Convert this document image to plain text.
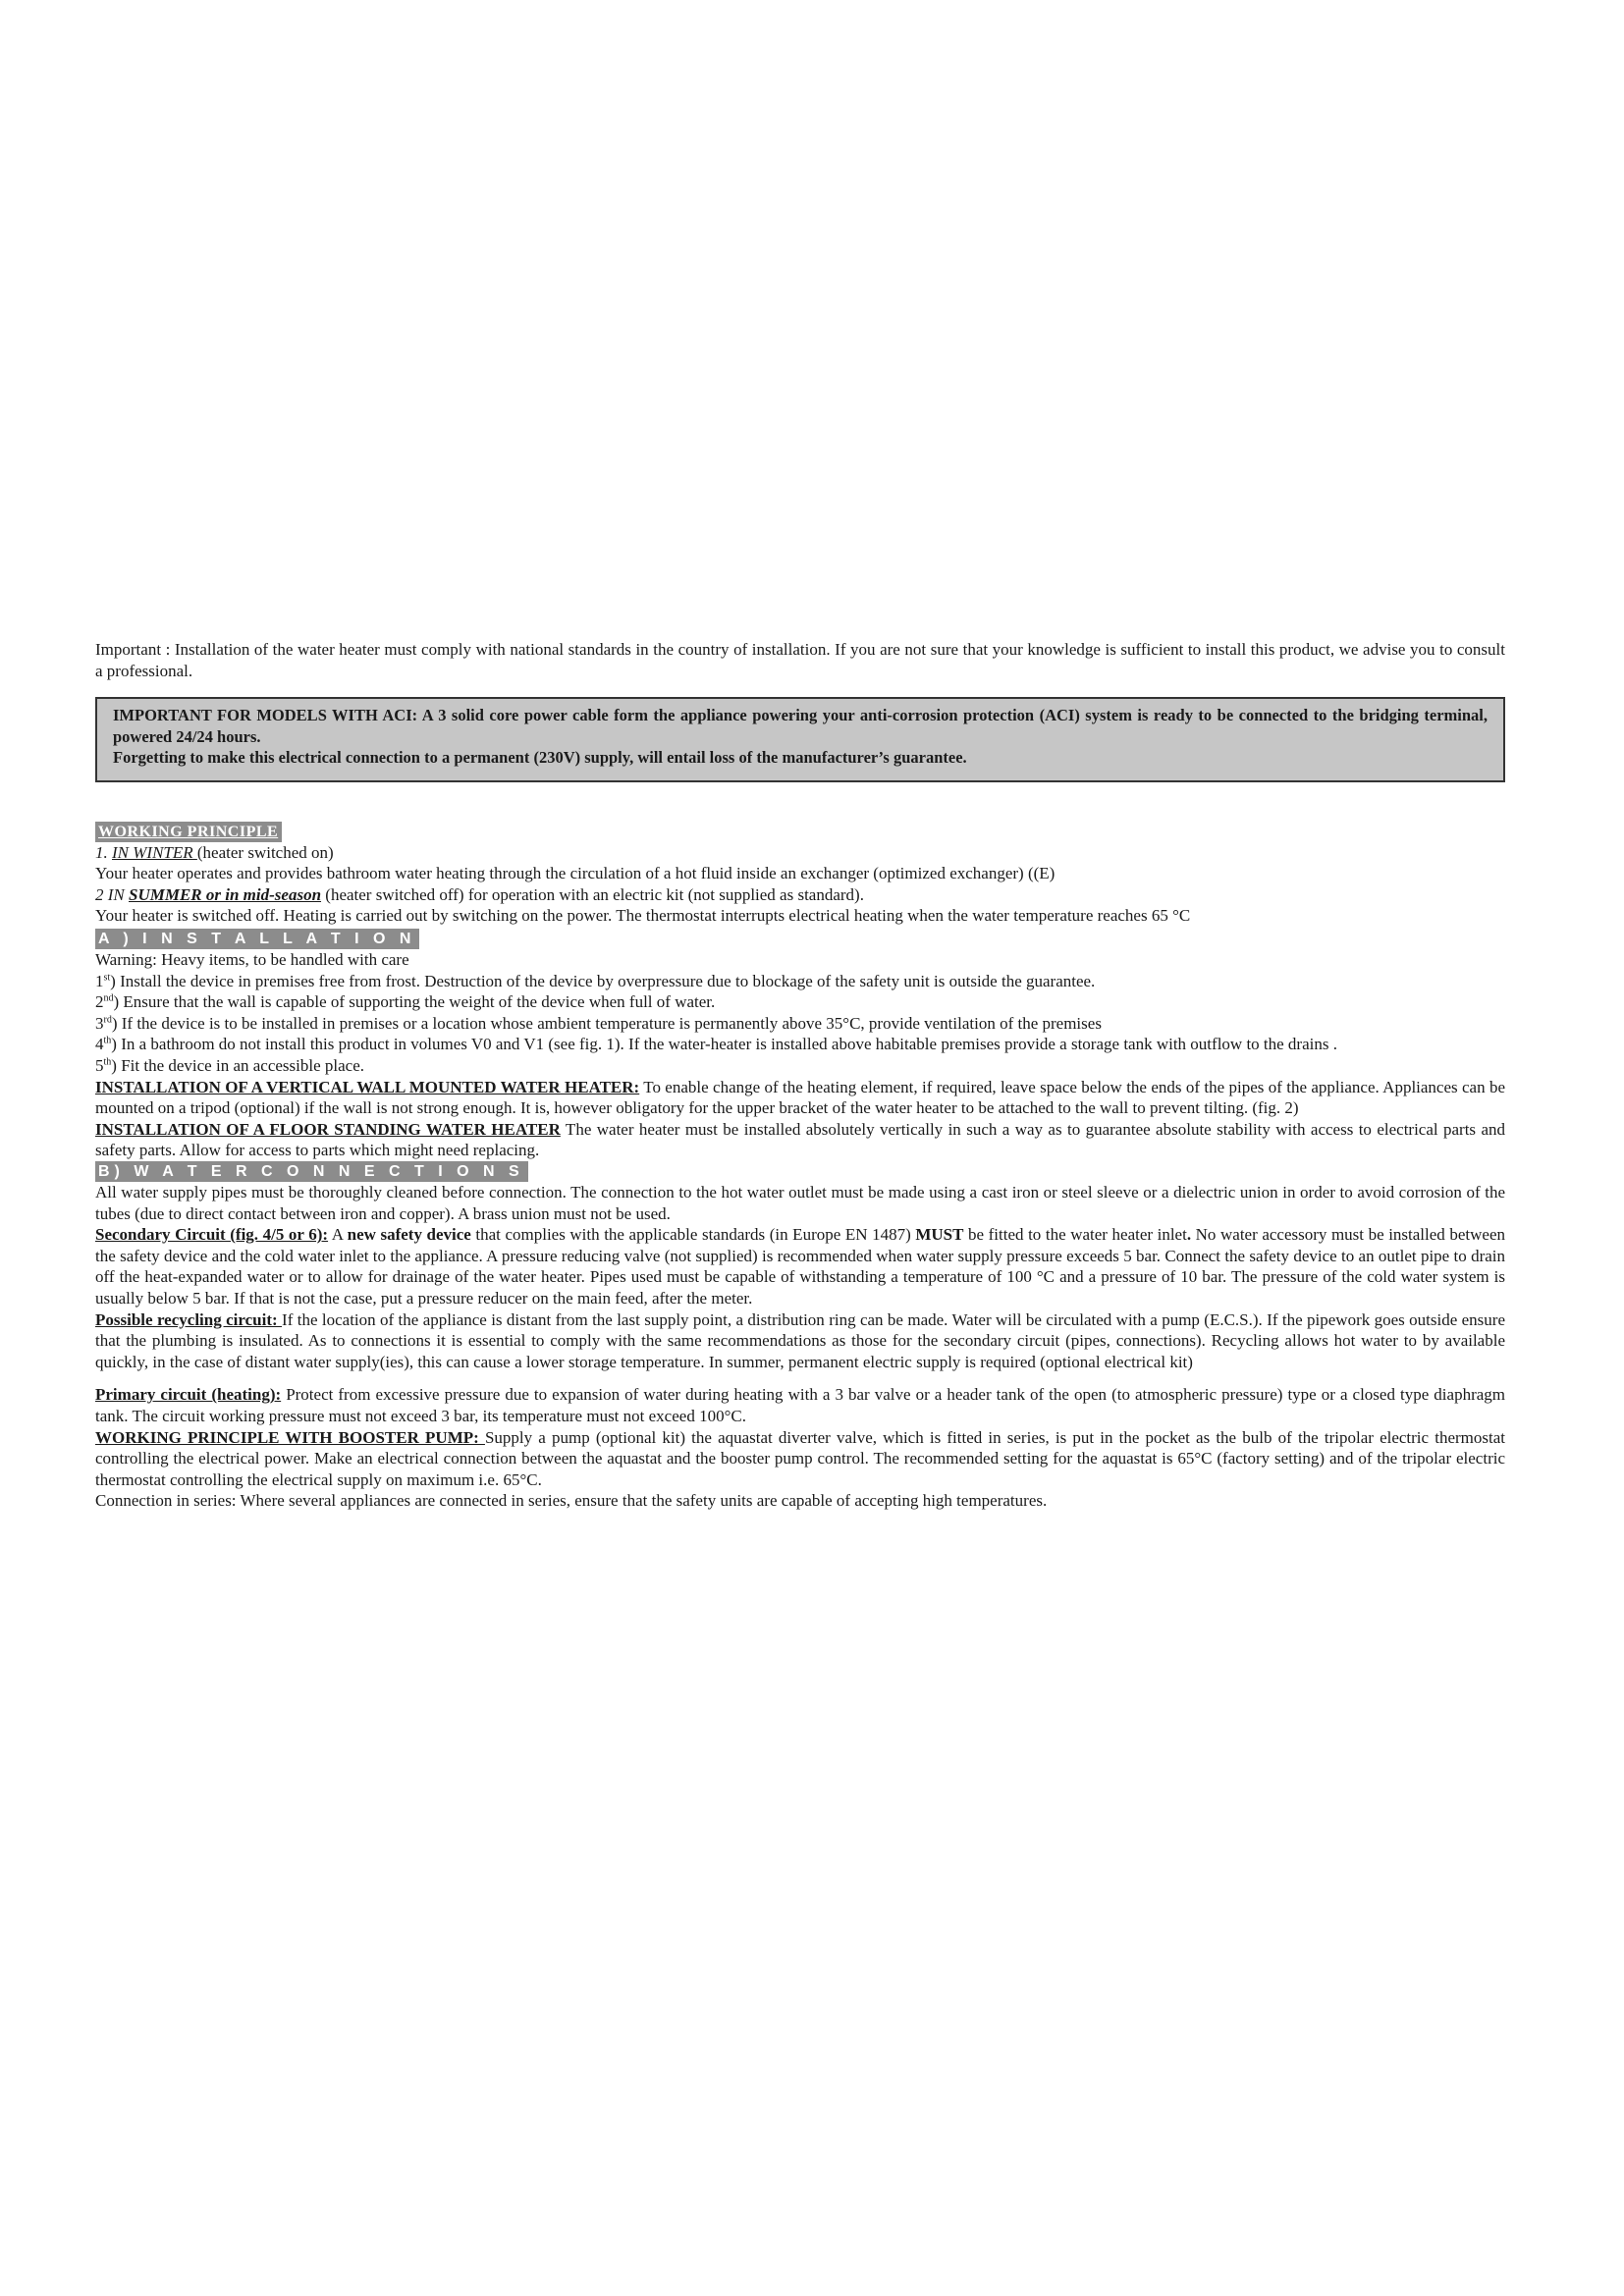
Important : Installation of the water heater must comply with national standards in the country of installation. If you are not sure that your knowledge is sufficient to install this product, we advise you to consult a professional.

IMPORTANT FOR MODELS WITH ACI: A 3 solid core power cable form the appliance powering your anti-corrosion protection (ACI) system is ready to be connected to the bridging terminal, powered 24/24 hours.

Forgetting to make this electrical connection to a permanent (230V) supply, will entail loss of the manufacturer’s guarantee.

WORKING PRINCIPLE

1. IN WINTER (heater switched on)

Your heater operates and provides bathroom water heating through the circulation of a hot fluid inside an exchanger (optimized exchanger) ((E)

2 IN SUMMER or in mid-season (heater switched off) for operation with an electric kit (not supplied as standard).

Your heater is switched off. Heating is carried out by switching on the power. The thermostat interrupts electrical heating when the water temperature reaches 65 °C

A ) I N S T A L L A T I O N

Warning: Heavy items, to be handled with care

1st) Install the device in premises free from frost. Destruction of the device by overpressure due to blockage of the safety unit is outside the guarantee.

2nd) Ensure that the wall is capable of supporting the weight of the device when full of water.

3rd) If the device is to be installed in premises or a location whose ambient temperature is permanently above 35°C, provide ventilation of the premises

4th) In a bathroom do not install this product in volumes V0 and V1 (see fig. 1). If the water-heater is installed above habitable premises provide a storage tank with outflow to the drains .

5th) Fit the device in an accessible place.

INSTALLATION OF A VERTICAL WALL MOUNTED WATER HEATER: To enable change of the heating element, if required, leave space below the ends of the pipes of the appliance. Appliances can be mounted on a tripod (optional) if the wall is not strong enough. It is, however obligatory for the upper bracket of the water heater to be attached to the wall to prevent tilting. (fig. 2)

INSTALLATION OF A FLOOR STANDING WATER HEATER The water heater must be installed absolutely vertically in such a way as to guarantee absolute stability with access to electrical parts and safety parts. Allow for access to parts which might need replacing.

B) W A T E R C O N N E C T I O N S

All water supply pipes must be thoroughly cleaned before connection. The connection to the hot water outlet must be made using a cast iron or steel sleeve or a dielectric union in order to avoid corrosion of the tubes (due to direct contact between iron and copper). A brass union must not be used.

Secondary Circuit (fig. 4/5 or 6): A new safety device that complies with the applicable standards (in Europe EN 1487) MUST be fitted to the water heater inlet. No water accessory must be installed between the safety device and the cold water inlet to the appliance. A pressure reducing valve (not supplied) is recommended when water supply pressure exceeds 5 bar. Connect the safety device to an outlet pipe to drain off the heat-expanded water or to allow for drainage of the water heater. Pipes used must be capable of withstanding a temperature of 100 °C and a pressure of 10 bar. The pressure of the cold water system is usually below 5 bar. If that is not the case, put a pressure reducer on the main feed, after the meter.

Possible recycling circuit: If the location of the appliance is distant from the last supply point, a distribution ring can be made. Water will be circulated with a pump (E.C.S.). If the pipework goes outside ensure that the plumbing is insulated. As to connections it is essential to comply with the same recommendations as those for the secondary circuit (pipes, connections). Recycling allows hot water to by available quickly, in the case of distant water supply(ies), this can cause a lower storage temperature. In summer, permanent electric supply is required (optional electrical kit)

Primary circuit (heating): Protect from excessive pressure due to expansion of water during heating with a 3 bar valve or a header tank of the open (to atmospheric pressure) type or a closed type diaphragm tank. The circuit working pressure must not exceed 3 bar, its temperature must not exceed 100°C.

WORKING PRINCIPLE WITH BOOSTER PUMP: Supply a pump (optional kit) the aquastat diverter valve, which is fitted in series, is put in the pocket as the bulb of the tripolar electric thermostat controlling the electrical power. Make an electrical connection between the aquastat and the booster pump control. The recommended setting for the aquastat is 65°C (factory setting) and of the tripolar electric thermostat controlling the electrical supply on maximum i.e. 65°C.

Connection in series: Where several appliances are connected in series, ensure that the safety units are capable of accepting high temperatures.
